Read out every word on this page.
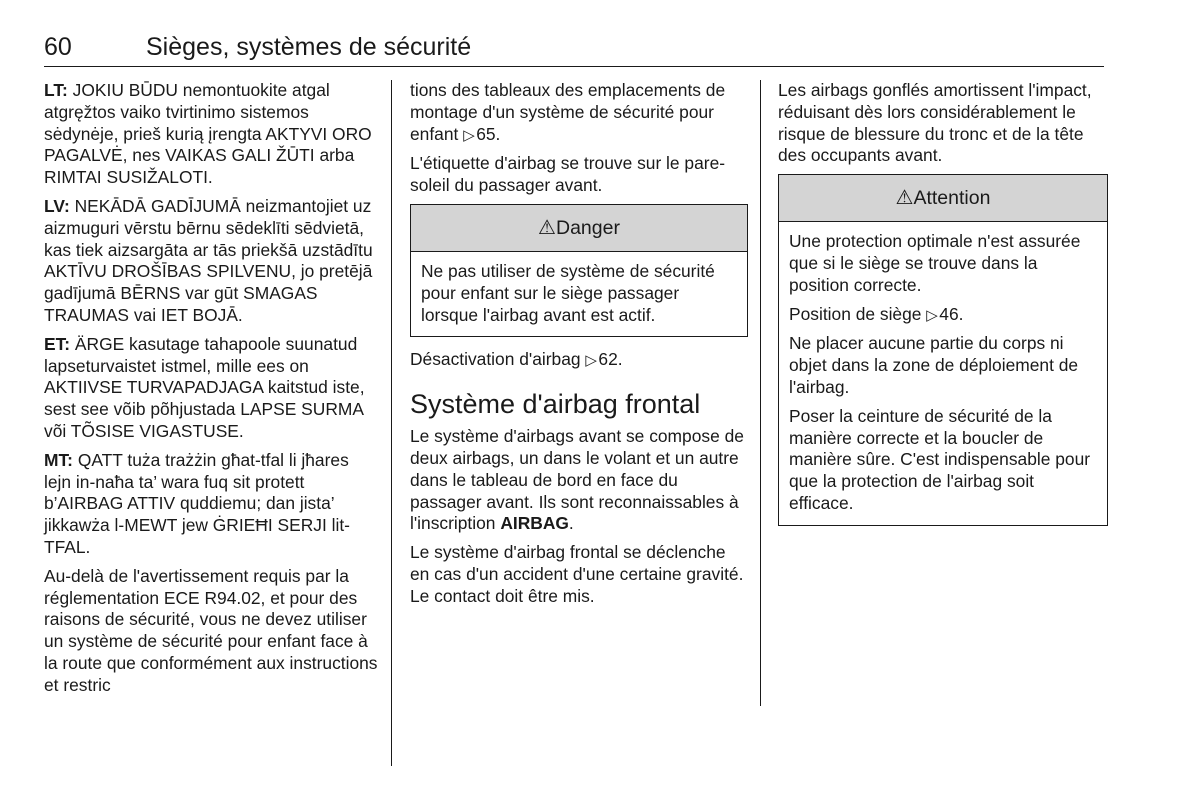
60	Sièges, systèmes de sécurité

LT: JOKIU BŪDU nemontuokite atgal atgręžtos vaiko tvirtinimo sistemos sėdynėje, prieš kurią įrengta AKTYVI ORO PAGALVĖ, nes VAIKAS GALI ŽŪTI arba RIMTAI SUSIŽALOTI.

LV: NEKĀDĀ GADĪJUMĀ neizmantojiet uz aizmuguri vērstu bērnu sēdeklīti sēdvietā, kas tiek aizsargāta ar tās priekšā uzstādītu AKTĪVU DROŠĪBAS SPILVENU, jo pretējā gadījumā BĒRNS var gūt SMAGAS TRAUMAS vai IET BOJĀ.

ET: ÄRGE kasutage tahapoole suunatud lapseturvaistet istmel, mille ees on AKTIIVSE TURVAPADJAGA kaitstud iste, sest see võib põhjustada LAPSE SURMA või TÕSISE VIGASTUSE.

MT: QATT tuża trażżin għat-tfal li jħares lejn in-naħa ta’ wara fuq sit protett b’AIRBAG ATTIV quddiemu; dan jista’ jikkawża l-MEWT jew ĠRIEĦI SERJI lit-TFAL.

Au-delà de l'avertissement requis par la réglementation ECE R94.02, et pour des raisons de sécurité, vous ne devez utiliser un système de sécurité pour enfant face à la route que conformément aux instructions et restric

tions des tableaux des emplacements de montage d'un système de sécurité pour enfant ▷ 65.

L'étiquette d'airbag se trouve sur le pare-soleil du passager avant.

⚠Danger

Ne pas utiliser de système de sécurité pour enfant sur le siège passager lorsque l'airbag avant est actif.

Désactivation d'airbag ▷ 62.

Système d'airbag frontal

Le système d'airbags avant se compose de deux airbags, un dans le volant et un autre dans le tableau de bord en face du passager avant. Ils sont reconnaissables à l'inscription AIRBAG.

Le système d'airbag frontal se déclenche en cas d'un accident d'une certaine gravité. Le contact doit être mis.

Les airbags gonflés amortissent l'impact, réduisant dès lors considérablement le risque de blessure du tronc et de la tête des occupants avant.

⚠Attention

Une protection optimale n'est assurée que si le siège se trouve dans la position correcte.

Position de siège ▷ 46.

Ne placer aucune partie du corps ni objet dans la zone de déploiement de l'airbag.

Poser la ceinture de sécurité de la manière correcte et la boucler de manière sûre. C'est indispensable pour que la protection de l'airbag soit efficace.
